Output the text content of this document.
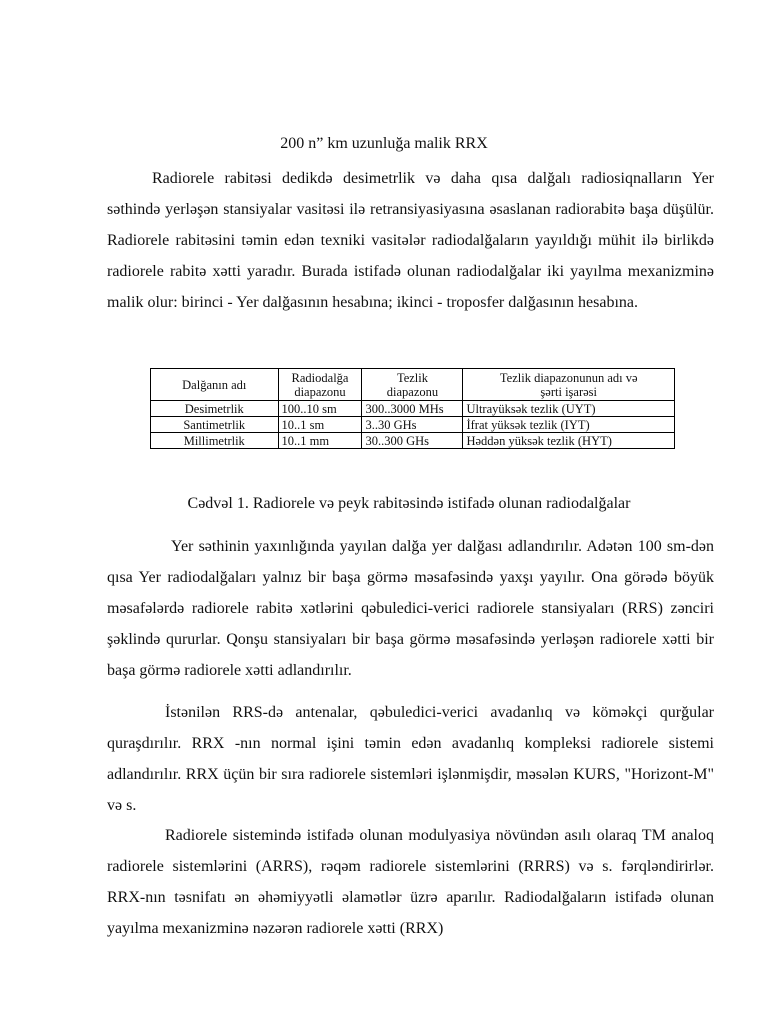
200 n” km uzunluğa malik RRX

Radiorele rabitəsi dedikdə desimetrlik və daha qısa dalğalı radiosiqnalların Yer səthində yerləşən stansiyalar vasitəsi ilə retransiyasiyasına əsaslanan radiorabitə başa düşülür. Radiorele rabitəsini təmin edən texniki vasitələr radiodalğaların yayıldığı mühit ilə birlikdə radiorele rabitə xətti yaradır. Burada istifadə olunan radiodalğalar iki yayılma mexanizminə malik olur: birinci - Yer dalğasının hesabına; ikinci - troposfer dalğasının hesabına.

Dalğanın adı	Radiodalğa diapazonu	Tezlik diapazonu	Tezlik diapazonunun adı və şərti işarəsi

Desimetrlik	100..10 sm	300..3000 MHs	Ultrayüksək tezlik (UYT)
Santimetrlik	10..1 sm	3..30 GHs	İfrat yüksək tezlik (IYT)
Millimetrlik	10..1 mm	30..300 GHs	Həddən yüksək tezlik (HYT)
Cədvəl 1. Radiorele və peyk rabitəsində istifadə olunan radiodalğalar

Yer səthinin yaxınlığında yayılan dalğa yer dalğası adlandırılır. Adətən 100 sm-dən qısa Yer radiodalğaları yalnız bir başa görmə məsafəsində yaxşı yayılır. Ona görədə böyük məsafələrdə radiorele rabitə xətlərini qəbuledici-verici radiorele stansiyaları (RRS) zənciri şəklində qururlar. Qonşu stansiyaları bir başa görmə məsafəsində yerləşən radiorele xətti bir başa görmə radiorele xətti adlandırılır.

İstənilən RRS-də antenalar, qəbuledici-verici avadanlıq və köməkçi qurğular quraşdırılır. RRX -nın normal işini təmin edən avadanlıq kompleksi radiorele sistemi adlandırılır. RRX üçün bir sıra radiorele sistemləri işlənmişdir, məsələn KURS, "Horizont-M" və s.

Radiorele sistemində istifadə olunan modulyasiya növündən asılı olaraq TM analoq radiorele sistemlərini (ARRS), rəqəm radiorele sistemlərini (RRRS) və s. fərqləndirirlər. RRX-nın təsnifatı ən əhəmiyyətli əlamətlər üzrə aparılır. Radiodalğaların istifadə olunan yayılma mexanizminə nəzərən radiorele xətti (RRX)
